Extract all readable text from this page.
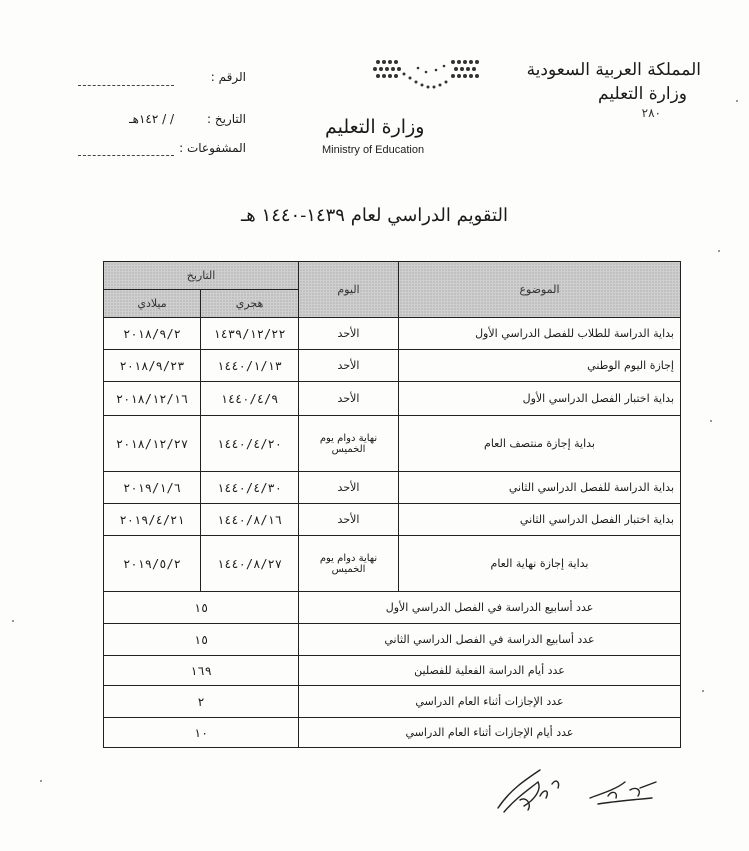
المملكة العربية السعودية
وزارة التعليم
٢٨٠
وزارة التعليم
Ministry of Education
الرقم :
التاريخ :
/ / ١٤٢هـ
المشفوعات :
التقويم الدراسي لعام ١٤٣٩-١٤٤٠ هـ
الموضوع	اليوم	التاريخ	
		هجري	ميلادي
بداية الدراسة للطلاب للفصل الدراسي الأول	الأحد	١٤٣٩/١٢/٢٢	٢٠١٨/٩/٢
إجازة اليوم الوطني	الأحد	١٤٤٠/١/١٣	٢٠١٨/٩/٢٣
بداية اختبار الفصل الدراسي الأول	الأحد	١٤٤٠/٤/٩	٢٠١٨/١٢/١٦
بداية إجازة منتصف العام	نهاية دوام يوم الخميس	١٤٤٠/٤/٢٠	٢٠١٨/١٢/٢٧
بداية الدراسة للفصل الدراسي الثاني	الأحد	١٤٤٠/٤/٣٠	٢٠١٩/١/٦
بداية اختبار الفصل الدراسي الثاني	الأحد	١٤٤٠/٨/١٦	٢٠١٩/٤/٢١
بداية إجازة نهاية العام	نهاية دوام يوم الخميس	١٤٤٠/٨/٢٧	٢٠١٩/٥/٢
عدد أسابيع الدراسة في الفصل الدراسي الأول		١٥	
عدد أسابيع الدراسة في الفصل الدراسي الثاني		١٥	
عدد أيام الدراسة الفعلية للفصلين		١٦٩	
عدد الإجازات أثناء العام الدراسي		٢	
عدد أيام الإجازات أثناء العام الدراسي		١٠	
